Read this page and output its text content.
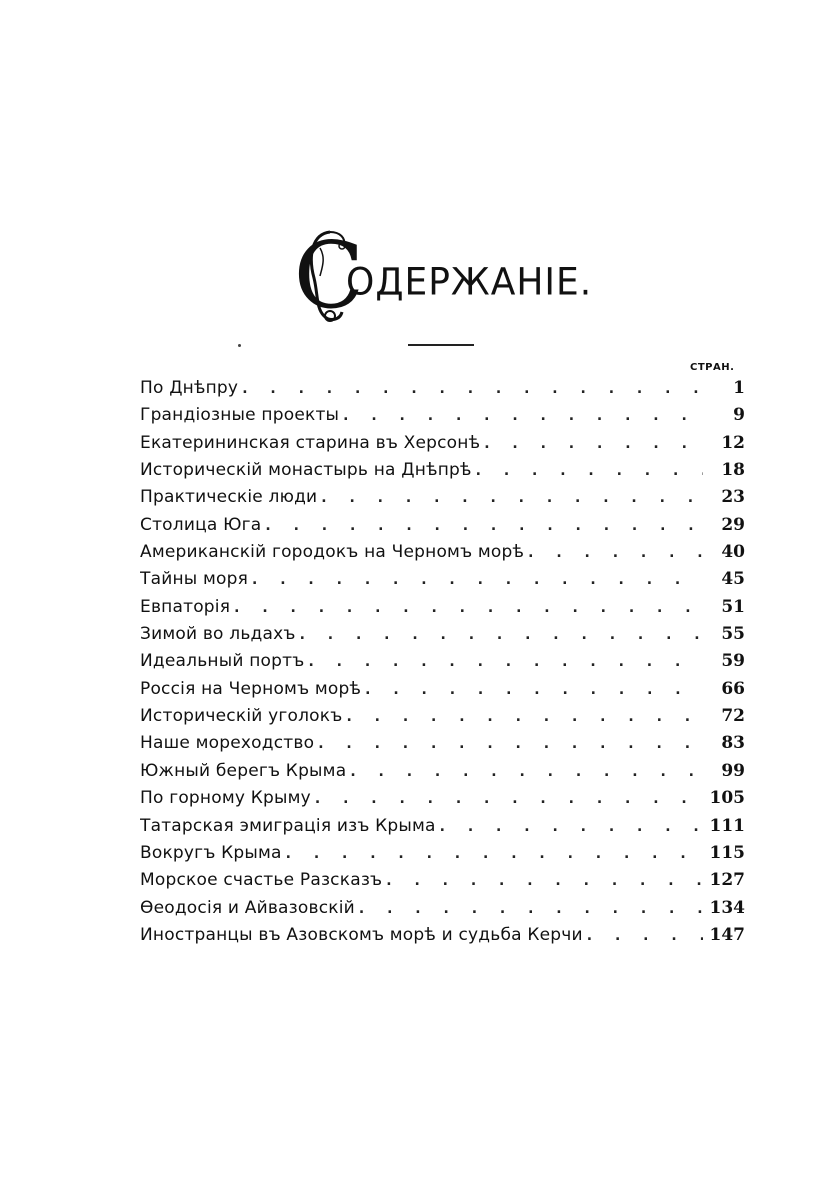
С
ОДЕРЖАНІЕ.
СТРАН.
По Днѣпру . . .	1
Грандіозные проекты . . .	9
Екатерининская старина въ Херсонѣ . . .	12
Историческій монастырь на Днѣпрѣ . . .	18
Практическіе люди . . .	23
Столица Юга . . .	29
Американскій городокъ на Черномъ морѣ . . .	40
Тайны моря . . .	45
Евпаторія . . .	51
Зимой во льдахъ . . .	55
Идеальный портъ . . .	59
Россія на Черномъ морѣ . . .	66
Историческій уголокъ . . .	72
Наше мореходство . . .	83
Южный берегъ Крыма . . .	99
По горному Крыму . . .	105
Татарская эмиграція изъ Крыма . . .	111
Вокругъ Крыма . . .	115
Морское счастье Разсказъ . . .	127
Ѳеодосія и Айвазовскій . . .	134
Иностранцы въ Азовскомъ морѣ и судьба Керчи . . .	147
